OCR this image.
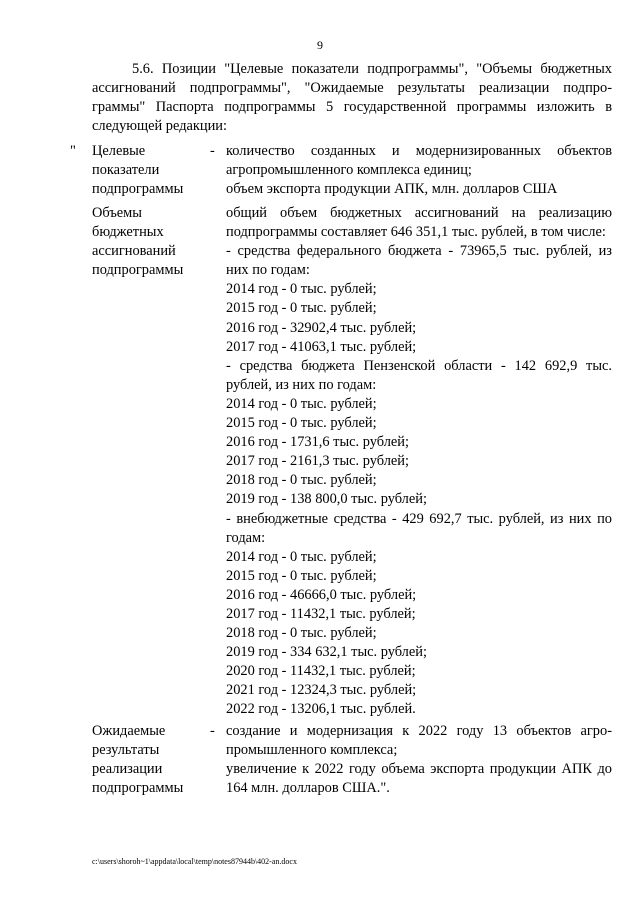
9

5.6. Позиции "Целевые показатели подпрограммы", "Объемы бюджетных ассигнований подпрограммы", "Ожидаемые результаты реализации подпро-граммы" Паспорта подпрограммы 5 государственной программы изложить в следующей редакции:

" Целевые
показатели
подпрограммы
- количество созданных и модернизированных объектов агропромышленного комплекса единиц;

объем экспорта продукции АПК, млн. долларов США

Объемы
бюджетных
ассигнований
подпрограммы

общий объем бюджетных ассигнований на реализацию подпрограммы составляет 646 351,1 тыс. рублей, в том числе:

- средства федерального бюджета - 73965,5 тыс. рублей, из них по годам:

2014 год - 0 тыс. рублей;

2015 год - 0 тыс. рублей;

2016 год - 32902,4 тыс. рублей;

2017 год - 41063,1 тыс. рублей;

- средства бюджета Пензенской области - 142 692,9 тыс. рублей, из них по годам:

2014 год - 0 тыс. рублей;

2015 год - 0 тыс. рублей;

2016 год - 1731,6 тыс. рублей;

2017 год - 2161,3 тыс. рублей;

2018 год - 0 тыс. рублей;

2019 год - 138 800,0 тыс. рублей;

- внебюджетные средства - 429 692,7 тыс. рублей, из них по годам:

2014 год - 0 тыс. рублей;

2015 год - 0 тыс. рублей;

2016 год - 46666,0 тыс. рублей;

2017 год - 11432,1 тыс. рублей;

2018 год - 0 тыс. рублей;

2019 год - 334 632,1 тыс. рублей;

2020 год - 11432,1 тыс. рублей;

2021 год - 12324,3 тыс. рублей;

2022 год - 13206,1 тыс. рублей.

Ожидаемые
результаты
реализации
подпрограммы
- создание и модернизация к 2022 году 13 объектов агро-промышленного комплекса;

увеличение к 2022 году объема экспорта продукции АПК до 164 млн. долларов США.".

c:\users\shoroh~1\appdata\local\temp\notes87944b\402-an.docx
